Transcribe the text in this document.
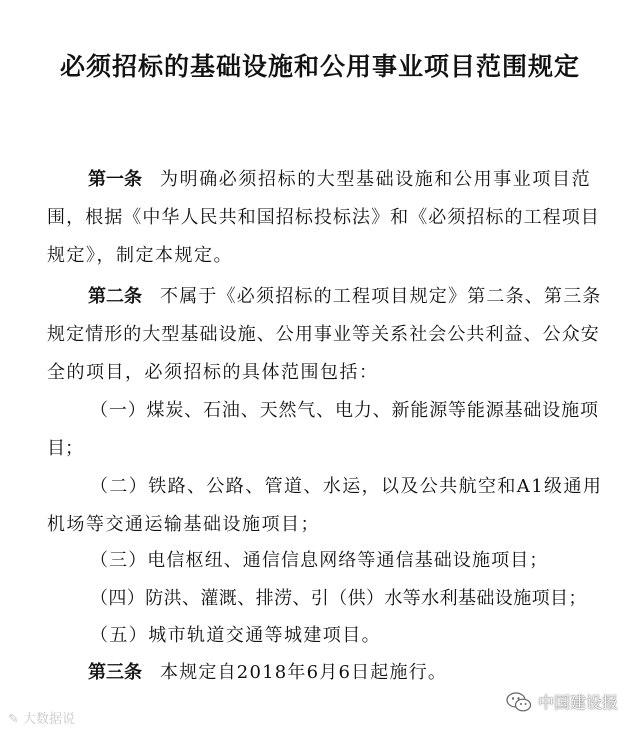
必须招标的基础设施和公用事业项目范围规定
第一条 为明确必须招标的大型基础设施和公用事业项目范
围 ， 根 据 《 中 华 人 民 共 和 国 招 标 投 标 法 》 和 《 必 须 招 标 的 工 程 项 目
规定》，制定本规定。
第二条 不属于《必须招标的工程项目规定》第二条、第三条
规 定 情 形 的 大 型 基 础 设 施 、 公 用 事 业 等 关 系 社 会 公 共 利 益 、 公 众 安
全的项目，必须招标的具体范围包括：
（ 一 ） 煤 炭 、 石 油 、 天 然 气 、 电 力 、 新 能 源 等 能 源 基 础 设 施 项
目；
（二）铁路、公路、管道、水运，以及公共航空和A1级通用
机场等交通运输基础设施项目；
（三）电信枢纽、通信信息网络等通信基础设施项目；
（四）防洪、灌溉、排涝、引（供）水等水利基础设施项目；
（五）城市轨道交通等城建项目。
第三条 本规定自2018年6月6日起施行。
✎ 大数据说
中国建设报
